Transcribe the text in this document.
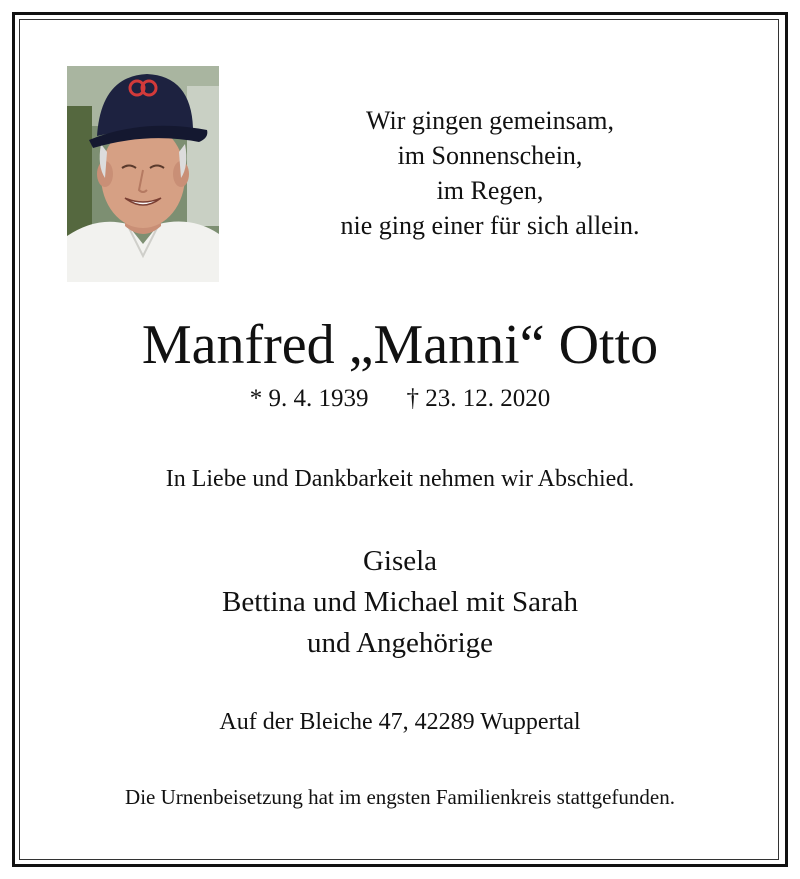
Wir gingen gemeinsam,
im Sonnenschein,
im Regen,
nie ging einer für sich allein.
Manfred „Manni“ Otto
* 9. 4. 1939 † 23. 12. 2020
In Liebe und Dankbarkeit nehmen wir Abschied.
Gisela
Bettina und Michael mit Sarah
und Angehörige
Auf der Bleiche 47, 42289 Wuppertal
Die Urnenbeisetzung hat im engsten Familienkreis stattgefunden.
